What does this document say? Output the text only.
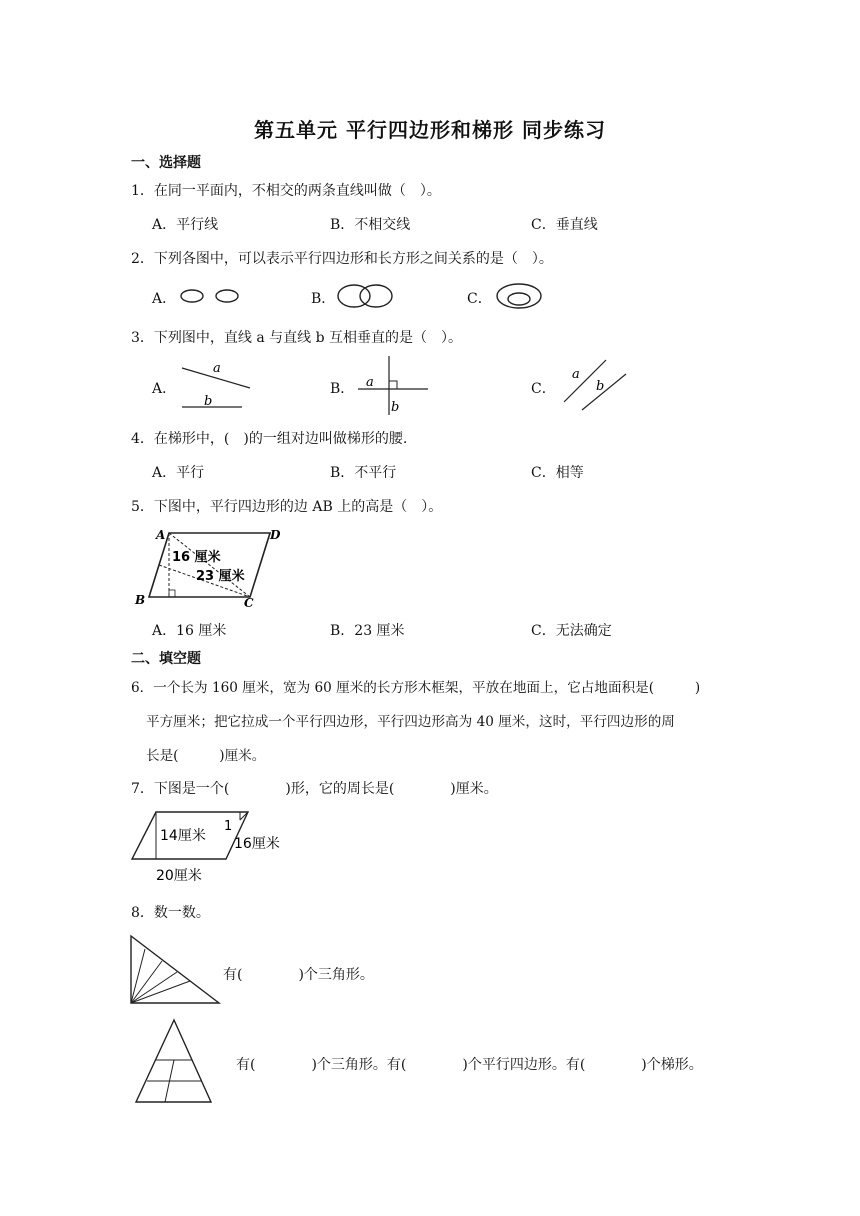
第五单元 平行四边形和梯形 同步练习
一、选择题
1．在同一平面内，不相交的两条直线叫做（　）。
A．平行线	B．不相交线	C．垂直线
2．下列各图中，可以表示平行四边形和长方形之间关系的是（　）。
A．	B．	C．
3．下列图中，直线 a 与直线 b 互相垂直的是（　）。
A．
a
b
B． a
b
C．
a
b
4．在梯形中，(　)的一组对边叫做梯形的腰.
A．平行	B．不平行	C．相等
5．下图中，平行四边形的边 AB 上的高是（　）。
A	D
B	C
16 厘米
23 厘米
A．16 厘米	B．23 厘米	C．无法确定
二、填空题
6．一个长为 160 厘米，宽为 60 厘米的长方形木框架，平放在地面上，它占地面积是(　　　)
平方厘米；把它拉成一个平行四边形，平行四边形高为 40 厘米，这时，平行四边形的周
长是(　　　)厘米。
7．下图是一个(　　　　)形，它的周长是(　　　　)厘米。
14厘米
1
16厘米
20厘米
8．数一数。
有(　　　　)个三角形。
有(　　　　)个三角形。有(　　　　)个平行四边形。有(　　　　)个梯形。
